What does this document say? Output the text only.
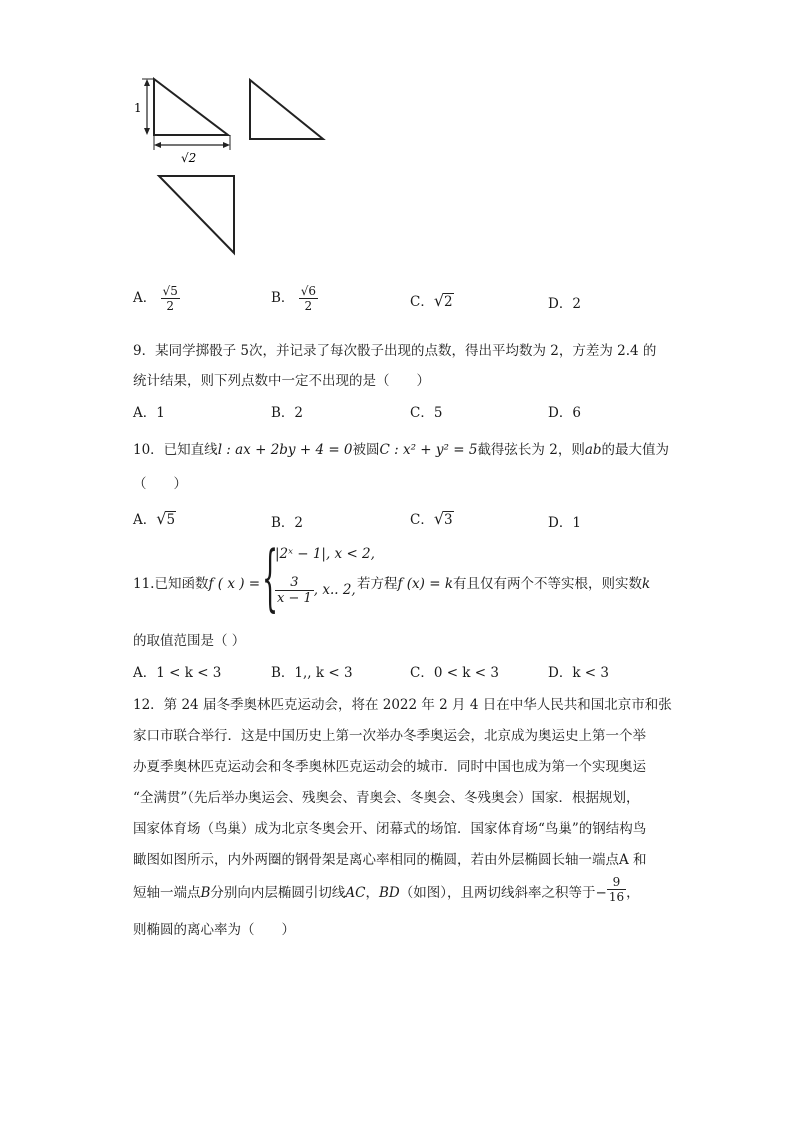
1
√2
A． $\frac{√5}{2}$	B． $\frac{√6}{2}$	C．√2	D．2
9．某同学掷骰子 5次，并记录了每次骰子出现的点数，得出平均数为 2，方差为 2.4 的
统计结果，则下列点数中一定不出现的是（　　）
A．1	B．2	C．5	D．6
10．已知直线l : ax + 2by + 4 = 0被圆C : x² + y² = 5截得弦长为 2，则ab的最大值为
（　　）
A．√5	B．2	C．√3	D．1
11.已知函数f ( x ) = {
|2ˣ − 1|, x < 2,
$\frac{3}{x - 1}$ , x.. 2, 若方程f (x) = k有且仅有两个不等实根，则实数k
的取值范围是（ ）
A．1 < k < 3	B．1,, k < 3	C．0 < k < 3	D．k < 3
12．第 24 届冬季奥林匹克运动会，将在 2022 年 2 月 4 日在中华人民共和国北京市和张
家口市联合举行．这是中国历史上第一次举办冬季奥运会，北京成为奥运史上第一个举
办夏季奥林匹克运动会和冬季奥林匹克运动会的城市．同时中国也成为第一个实现奥运
“全满贯”（先后举办奥运会、残奥会、青奥会、冬奥会、冬残奥会）国家．根据规划，
国家体育场（鸟巢）成为北京冬奥会开、闭幕式的场馆．国家体育场“鸟巢”的钢结构鸟
瞰图如图所示，内外两圈的钢骨架是离心率相同的椭圆，若由外层椭圆长轴一端点A 和
短轴一端点B分别向内层椭圆引切线AC，BD（如图），且两切线斜率之积等于− $\frac{9}{16}$ ，
则椭圆的离心率为（　　）
